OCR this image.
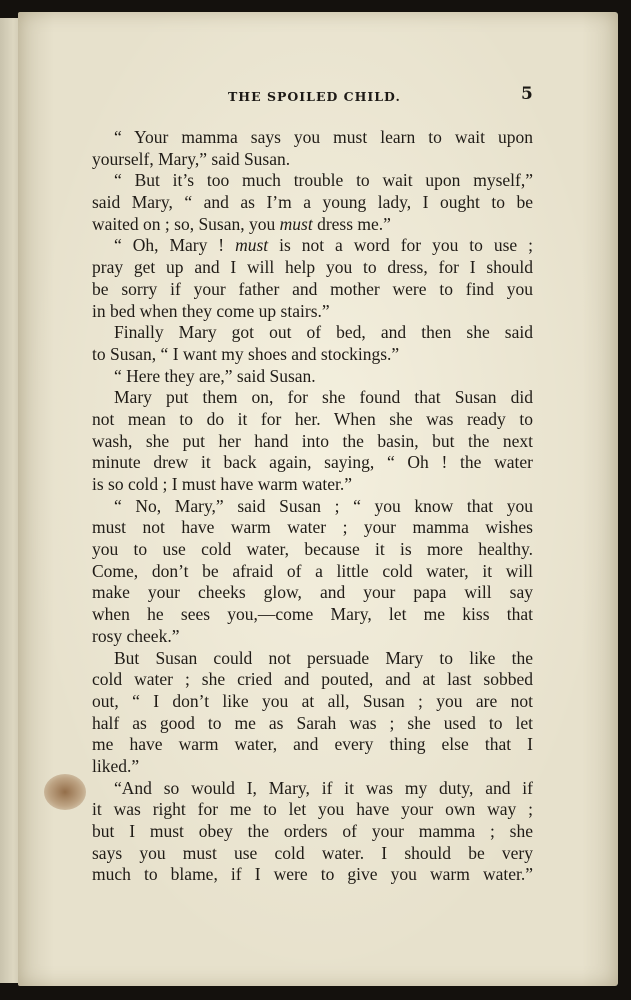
THE SPOILED CHILD.	5
“ Your mamma says you must learn to wait upon
yourself, Mary,” said Susan.
“ But it’s too much trouble to wait upon myself,”
said Mary, “ and as I’m a young lady, I ought to be
waited on ; so, Susan, you must dress me.”
“ Oh, Mary ! must is not a word for you to use ;
pray get up and I will help you to dress, for I should
be sorry if your father and mother were to find you
in bed when they come up stairs.”
Finally Mary got out of bed, and then she said
to Susan, “ I want my shoes and stockings.”
“ Here they are,” said Susan.
Mary put them on, for she found that Susan did
not mean to do it for her. When she was ready to
wash, she put her hand into the basin, but the next
minute drew it back again, saying, “ Oh ! the water
is so cold ; I must have warm water.”
“ No, Mary,” said Susan ; “ you know that you
must not have warm water ; your mamma wishes
you to use cold water, because it is more healthy.
Come, don’t be afraid of a little cold water, it will
make your cheeks glow, and your papa will say
when he sees you,—come Mary, let me kiss that
rosy cheek.”
But Susan could not persuade Mary to like the
cold water ; she cried and pouted, and at last sobbed
out, “ I don’t like you at all, Susan ; you are not
half as good to me as Sarah was ; she used to let
me have warm water, and every thing else that I
liked.”
“And so would I, Mary, if it was my duty, and if
it was right for me to let you have your own way ;
but I must obey the orders of your mamma ; she
says you must use cold water. I should be very
much to blame, if I were to give you warm water.”
